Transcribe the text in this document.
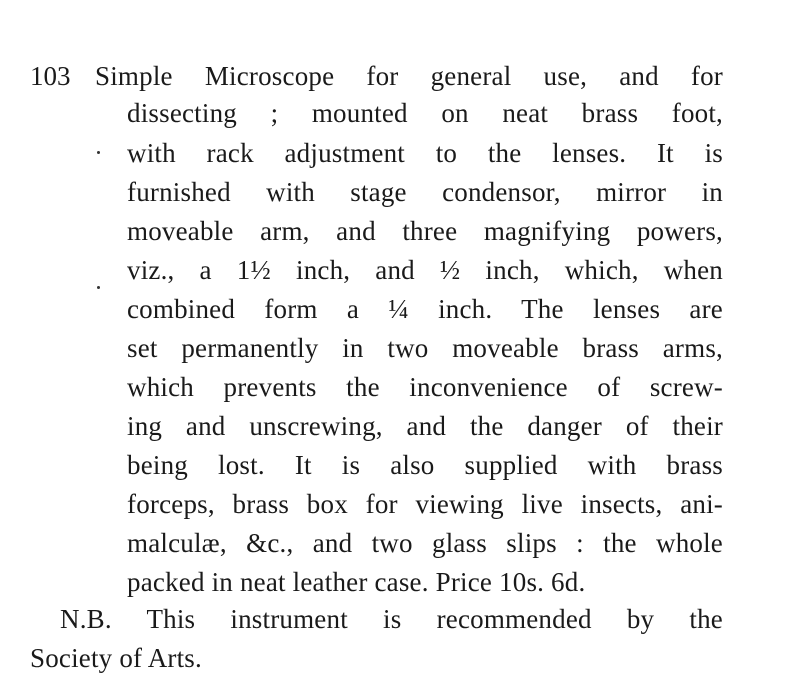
103 Simple Microscope for general use, and for
dissecting ; mounted on neat brass foot,
with rack adjustment to the lenses. It is
furnished with stage condensor, mirror in
moveable arm, and three magnifying powers,
viz., a 1½ inch, and ½ inch, which, when
combined form a ¼ inch. The lenses are
set permanently in two moveable brass arms,
which prevents the inconvenience of screw-
ing and unscrewing, and the danger of their
being lost. It is also supplied with brass
forceps, brass box for viewing live insects, ani-
malculæ, &c., and two glass slips : the whole
packed in neat leather case. Price 10s. 6d.
N.B. This instrument is recommended by the
Society of Arts.
